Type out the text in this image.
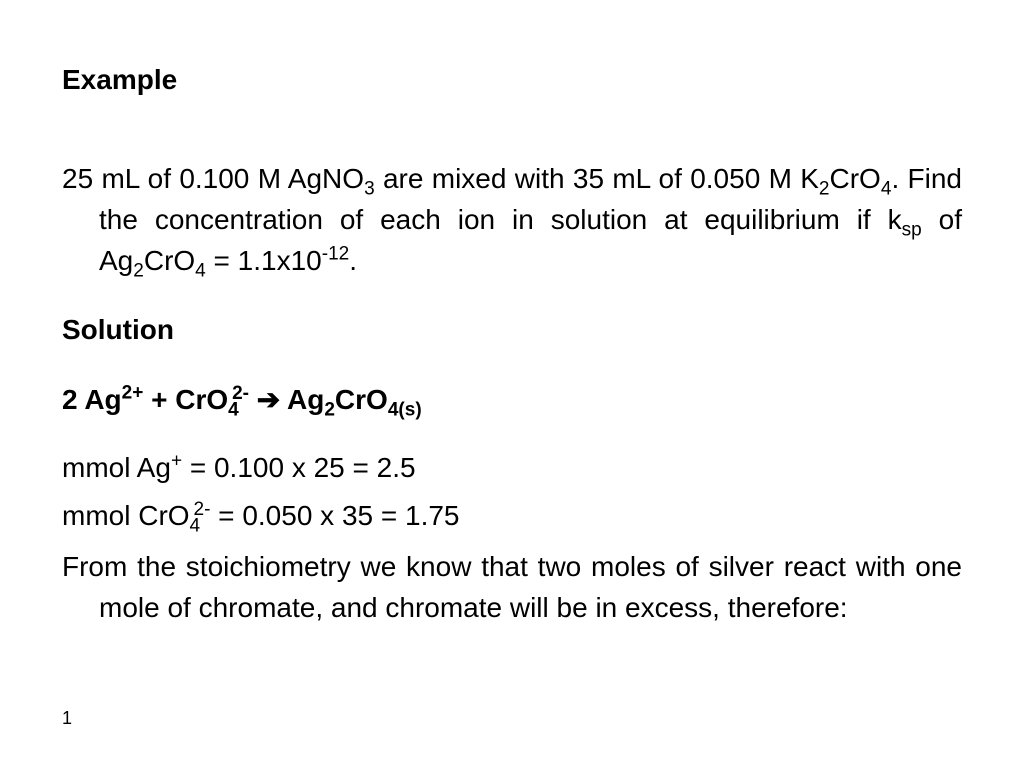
Example
25 mL of 0.100 M AgNO$_3$ are mixed with 35 mL of 0.050 M $K_2CrO_4$. Find the concentration of each ion in solution at equilibrium if $k_{sp}$ of $Ag_2CrO_4 = 1.1x10^{-12}$.
Solution
2 $Ag^{2+} + CrO_4^{2-}$ ➔ $Ag_2CrO_{4(s)}$
mmol Ag+ = 0.100 x 25 = 2.5
mmol CrO$_4^{2-}$ = 0.050 x 35 = 1.75
From the stoichiometry we know that two moles of silver react with one mole of chromate, and chromate will be in excess, therefore:
1
